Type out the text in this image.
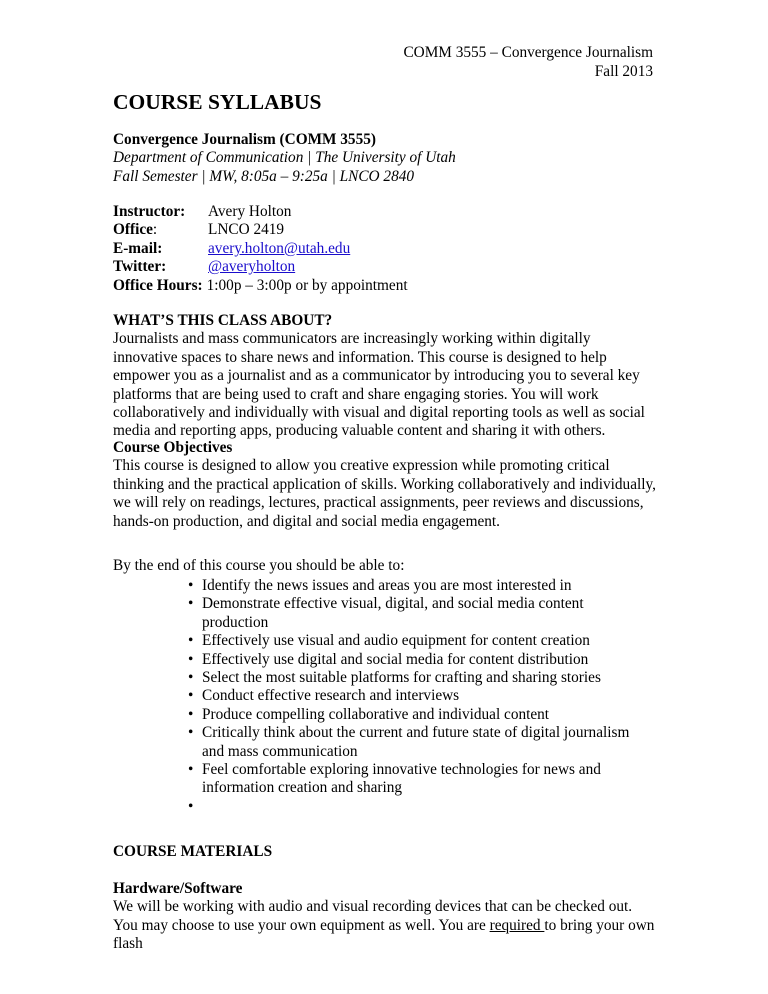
COMM 3555 – Convergence Journalism
Fall 2013
COURSE SYLLABUS
Convergence Journalism (COMM 3555)
Department of Communication | The University of Utah
Fall Semester | MW, 8:05a – 9:25a | LNCO 2840
Instructor:	Avery Holton
Office:	LNCO 2419
E-mail:	avery.holton@utah.edu
Twitter:	@averyholton
Office Hours: 1:00p – 3:00p or by appointment
WHAT’S THIS CLASS ABOUT?

Journalists and mass communicators are increasingly working within digitally innovative spaces to share news and information. This course is designed to help empower you as a journalist and as a communicator by introducing you to several key platforms that are being used to craft and share engaging stories. You will work collaboratively and individually with visual and digital reporting tools as well as social media and reporting apps, producing valuable content and sharing it with others.

Course Objectives

This course is designed to allow you creative expression while promoting critical thinking and the practical application of skills. Working collaboratively and individually, we will rely on readings, lectures, practical assignments, peer reviews and discussions, hands-on production, and digital and social media engagement.

By the end of this course you should be able to:
• Identify the news issues and areas you are most interested in
• Demonstrate effective visual, digital, and social media content production
• Effectively use visual and audio equipment for content creation
• Effectively use digital and social media for content distribution
• Select the most suitable platforms for crafting and sharing stories
• Conduct effective research and interviews
• Produce compelling collaborative and individual content
• Critically think about the current and future state of digital journalism and mass communication
• Feel comfortable exploring innovative technologies for news and information creation and sharing
•
COURSE MATERIALS
Hardware/Software

We will be working with audio and visual recording devices that can be checked out. You may choose to use your own equipment as well. You are required to bring your own flash
